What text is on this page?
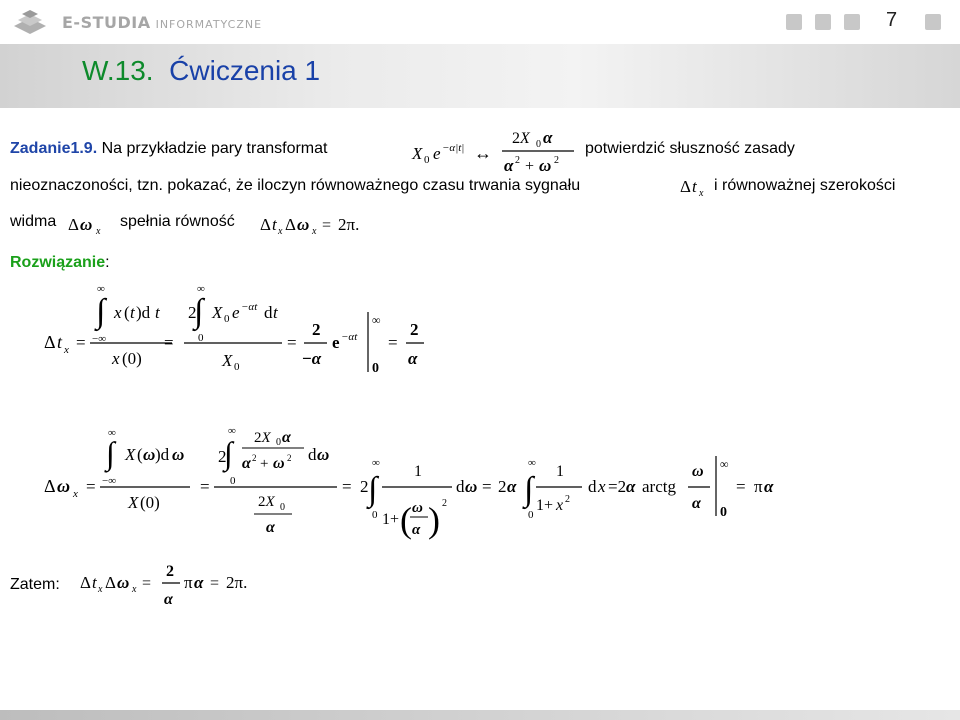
E-STUDIA INFORMATYCZNE	7
W.13. Ćwiczenia 1
Zadanie1.9. Na przykładzie pary transformat	X 0 e −α|t| ↔
2X 0 α
α 2 + ω 2
potwierdzić słuszność zasady
nieoznaczoności, tzn. pokazać, że iloczyn równoważnego czasu trwania sygnału	Δ t x i równoważnej szerokości
widma Δ ω x
spełnia równość Δ t x Δ ω x = 2π.
Rozwiązanie:
Δ t x =
∞
∫
−∞
x ( t )d t
x (0)
=
2
∞
∫
0
X 0 e −αt d t
X 0
=
2
−α
e −αt
∞
0
=
2
α
Δ ω x =
∞
∫
−∞
X ( ω )d ω
X (0)
=
2
∞
∫
0
2X 0 α
α 2 + ω 2 d ω
2X 0
α
= 2
∞
∫
0
1
1+ ( ω
α ) 2
d ω = 2 α
∞
∫
0
1
1+ x 2
d x =2 α arctg
ω
α
∞
0
= π α
Zatem: Δ t x Δ ω x =
2
α
π α = 2π.
